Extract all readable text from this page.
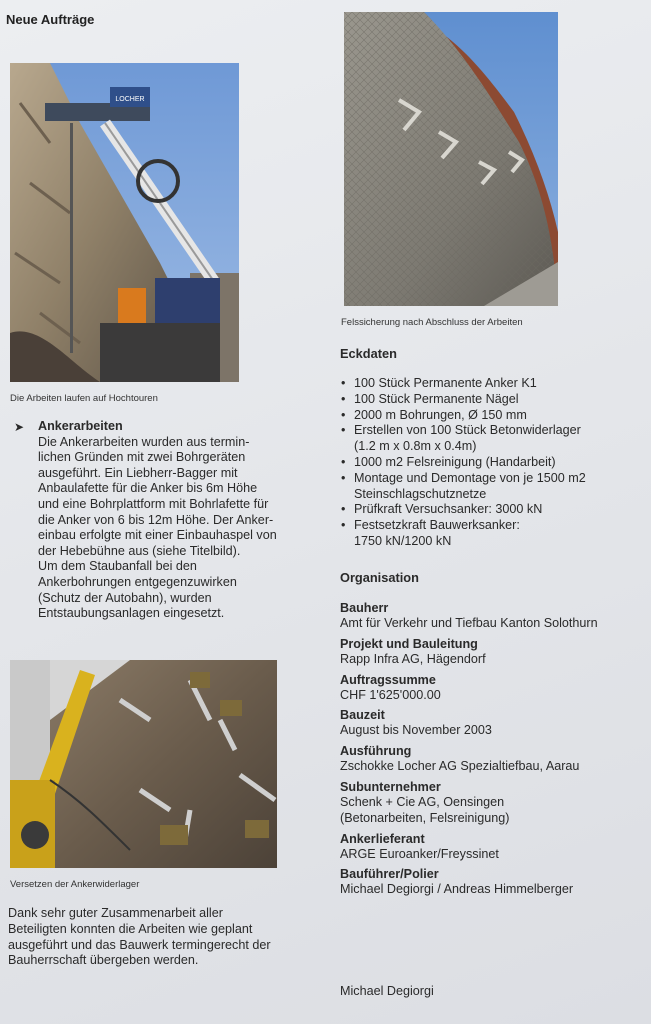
Neue Aufträge
LOCHER
Die Arbeiten laufen auf Hochtouren
Felssicherung nach Abschluss der Arbeiten
Eckdaten
• 100 Stück Permanente Anker K1
• 100 Stück Permanente Nägel
• 2000 m Bohrungen, Ø 150 mm
• Erstellen von 100 Stück Betonwiderlager
(1.2 m x 0.8m x 0.4m)
• 1000 m2 Felsreinigung (Handarbeit)
• Montage und Demontage von je 1500 m2
Steinschlagschutznetze
• Prüfkraft Versuchsanker: 3000 kN
• Festsetzkraft Bauwerksanker:
1750 kN/1200 kN
➤ Ankerarbeiten
Die Ankerarbeiten wurden aus termin-
lichen Gründen mit zwei Bohrgeräten
ausgeführt. Ein Liebherr-Bagger mit
Anbaulafette für die Anker bis 6m Höhe
und eine Bohrplattform mit Bohrlafette für
die Anker von 6 bis 12m Höhe. Der Anker-
einbau erfolgte mit einer Einbauhaspel von
der Hebebühne aus (siehe Titelbild).
Um dem Staubanfall bei den
Ankerbohrungen entgegenzuwirken
(Schutz der Autobahn), wurden
Entstaubungsanlagen eingesetzt.
Organisation
Bauherr
Amt für Verkehr und Tiefbau Kanton Solothurn
Projekt und Bauleitung
Rapp Infra AG, Hägendorf
Auftragssumme
CHF 1'625'000.00
Bauzeit
August bis November 2003
Ausführung
Zschokke Locher AG Spezialtiefbau, Aarau
Subunternehmer
Schenk + Cie AG, Oensingen
(Betonarbeiten, Felsreinigung)
Ankerlieferant
ARGE Euroanker/Freyssinet
Bauführer/Polier
Michael Degiorgi / Andreas Himmelberger
Versetzen der Ankerwiderlager
Dank sehr guter Zusammenarbeit aller
Beteiligten konnten die Arbeiten wie geplant
ausgeführt und das Bauwerk termingerecht der
Bauherrschaft übergeben werden.
Michael Degiorgi
